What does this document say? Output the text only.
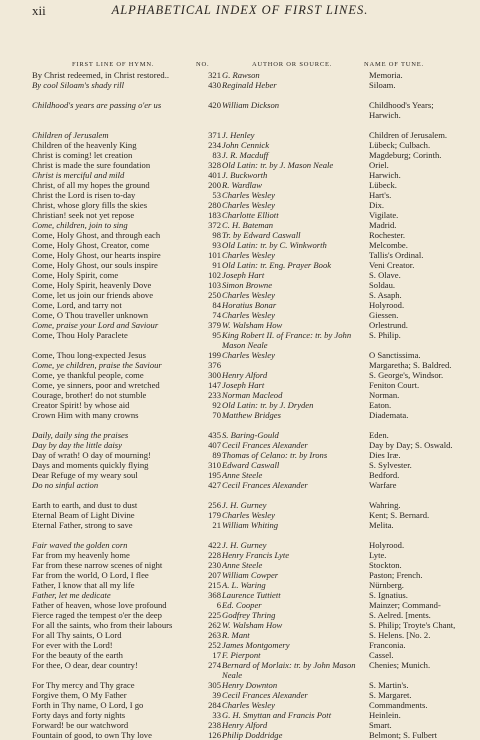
xii	ALPHABETICAL INDEX OF FIRST LINES.
FIRST LINE OF HYMN.	NO.	AUTHOR OR SOURCE.	NAME OF TUNE.
By Christ redeemed, in Christ restored..	321 G. Rawson	Memoria.
By cool Siloam's shady rill	430 Reginald Heber	Siloam.
Childhood's years are passing o'er us	420 William Dickson	Childhood's Years; Harwich.
Children of Jerusalem	371 J. Henley	Children of Jerusalem.
Children of the heavenly King	234 John Cennick	Lübeck; Culbach.
Christ is coming! let creation	83 J. R. Macduff	Magdeburg; Corinth.
Christ is made the sure foundation	328 Old Latin: tr. by J. Mason Neale	Oriel.
Christ is merciful and mild	401 J. Buckworth	Harwich.
Christ, of all my hopes the ground	200 R. Wardlaw	Lübeck.
Christ the Lord is risen to-day	53 Charles Wesley	Hart's.
Christ, whose glory fills the skies	280 Charles Wesley	Dix.
Christian! seek not yet repose	183 Charlotte Elliott	Vigilate.
Come, children, join to sing	372 C. H. Bateman	Madrid.
Come, Holy Ghost, and through each	98 Tr. by Edward Caswall	Rochester.
Come, Holy Ghost, Creator, come	93 Old Latin: tr. by C. Winkworth	Melcombe.
Come, Holy Ghost, our hearts inspire	101 Charles Wesley	Tallis's Ordinal.
Come, Holy Ghost, our souls inspire	91 Old Latin: tr. Eng. Prayer Book	Veni Creator.
Come, Holy Spirit, come	102 Joseph Hart	S. Olave.
Come, Holy Spirit, heavenly Dove	103 Simon Browne	Soldau.
Come, let us join our friends above	250 Charles Wesley	S. Asaph.
Come, Lord, and tarry not	84 Horatius Bonar	Holyrood.
Come, O Thou traveller unknown	74 Charles Wesley	Giessen.
Come, praise your Lord and Saviour	379 W. Walsham How	Orlestrund.
Come, Thou Holy Paraclete	95 King Robert II. of France: tr. by John Mason Neale
S. Philip.
Come, Thou long-expected Jesus	199 Charles Wesley	O Sanctissima.
Come, ye children, praise the Saviour	376	Margaretha; S. Baldred.
Come, ye thankful people, come	300 Henry Alford	S. George's, Windsor.
Come, ye sinners, poor and wretched	147 Joseph Hart	Feniton Court.
Courage, brother! do not stumble	233 Norman Macleod	Norman.
Creator Spirit! by whose aid	92 Old Latin: tr. by J. Dryden	Eaton.
Crown Him with many crowns	70 Matthew Bridges	Diademata.
Daily, daily sing the praises	435 S. Baring-Gould	Eden.
Day by day the little daisy	407 Cecil Frances Alexander	Day by Day; S. Oswald.
Day of wrath! O day of mourning!	89 Thomas of Celano: tr. by Irons	Dies Iræ.
Days and moments quickly flying	310 Edward Caswall	S. Sylvester.
Dear Refuge of my weary soul	195 Anne Steele	Bedford.
Do no sinful action	427 Cecil Frances Alexander	Warfare
Earth to earth, and dust to dust	256 J. H. Gurney	Wahring.
Eternal Beam of Light Divine	179 Charles Wesley	Kent; S. Bernard.
Eternal Father, strong to save	21 William Whiting	Melita.
Fair waved the golden corn	422 J. H. Gurney	Holyrood.
Far from my heavenly home	228 Henry Francis Lyte	Lyte.
Far from these narrow scenes of night	230 Anne Steele	Stockton.
Far from the world, O Lord, I flee	207 William Cowper	Paston; French.
Father, I know that all my life	215 A. L. Waring	Nürnberg.
Father, let me dedicate	368 Laurence Tuttiett	S. Ignatius.
Father of heaven, whose love profound	6 Ed. Cooper	Mainzer; Command-
Fierce raged the tempest o'er the deep	225 Godfrey Thring	S. Aelred. [ments.
For all the saints, who from their labours	262 W. Walsham How	S. Philip; Troyte's Chant,
For all Thy saints, O Lord	263 R. Mant	S. Helens. [No. 2.
For ever with the Lord!	252 James Montgomery	Franconia.
For the beauty of the earth	17 F. Pierpont	Cassel.
For thee, O dear, dear country!	274 Bernard of Morlaix: tr. by John Mason Neale
Chenies; Munich.
For Thy mercy and Thy grace	305 Henry Downton	S. Martin's.
Forgive them, O My Father	39 Cecil Frances Alexander	S. Margaret.
Forth in Thy name, O Lord, I go	284 Charles Wesley	Commandments.
Forty days and forty nights	33 G. H. Smyttan and Francis Pott	Heinlein.
Forward! be our watchword	238 Henry Alford	Smart.
Fountain of good, to own Thy love	126 Philip Doddridge	Belmont; S. Fulbert
